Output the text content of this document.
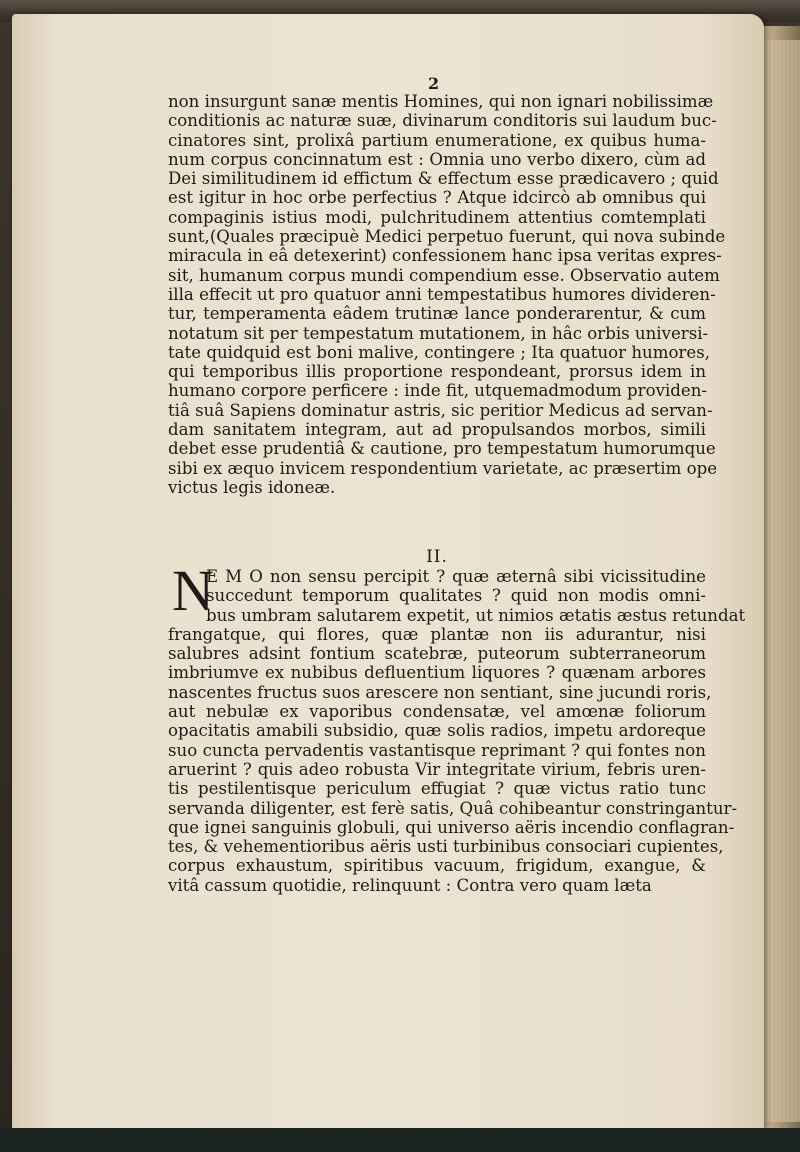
2
non insurgunt sanæ mentis Homines, qui non ignari nobilissimæ
conditionis ac naturæ suæ, divinarum conditoris sui laudum buc-
cinatores sint, prolixâ partium enumeratione, ex quibus huma-
num corpus concinnatum est : Omnia uno verbo dixero, cùm ad
Dei similitudinem id effictum & effectum esse prædicavero ; quid
est igitur in hoc orbe perfectius ? Atque idcircò ab omnibus qui
compaginis istius modi, pulchritudinem attentius comtemplati
sunt,(Quales præcipuè Medici perpetuo fuerunt, qui nova subinde
miracula in eâ detexerint) confessionem hanc ipsa veritas expres-
sit, humanum corpus mundi compendium esse. Observatio autem
illa effecit ut pro quatuor anni tempestatibus humores divideren-
tur, temperamenta eâdem trutinæ lance ponderarentur, & cum
notatum sit per tempestatum mutationem, in hâc orbis universi-
tate quidquid est boni malive, contingere ; Ita quatuor humores,
qui temporibus illis proportione respondeant, prorsus idem in
humano corpore perficere : inde fit, utquemadmodum providen-
tiâ suâ Sapiens dominatur astris, sic peritior Medicus ad servan-
dam sanitatem integram, aut ad propulsandos morbos, simili
debet esse prudentiâ & cautione, pro tempestatum humorumque
sibi ex æquo invicem respondentium varietate, ac præsertim ope
victus legis idoneæ.
II.
E M O non sensu percipit ? quæ æternâ sibi vicissitudine
succedunt temporum qualitates ? quid non modis omni-
bus umbram salutarem expetit, ut nimios ætatis æstus retundat
frangatque, qui flores, quæ plantæ non iis adurantur, nisi
salubres adsint fontium scatebræ, puteorum subterraneorum
imbriumve ex nubibus defluentium liquores ? quænam arbores
nascentes fructus suos arescere non sentiant, sine jucundi roris,
aut nebulæ ex vaporibus condensatæ, vel amœnæ foliorum
opacitatis amabili subsidio, quæ solis radios, impetu ardoreque
suo cuncta pervadentis vastantisque reprimant ? qui fontes non
aruerint ? quis adeo robusta Vir integritate virium, febris uren-
tis pestilentisque periculum effugiat ? quæ victus ratio tunc
servanda diligenter, est ferè satis, Quâ cohibeantur constringantur-
que ignei sanguinis globuli, qui universo aëris incendio conflagran-
tes, & vehementioribus aëris usti turbinibus consociari cupientes,
corpus exhaustum, spiritibus vacuum, frigidum, exangue, &
vitâ cassum quotidie, relinquunt : Contra vero quam læta
N
